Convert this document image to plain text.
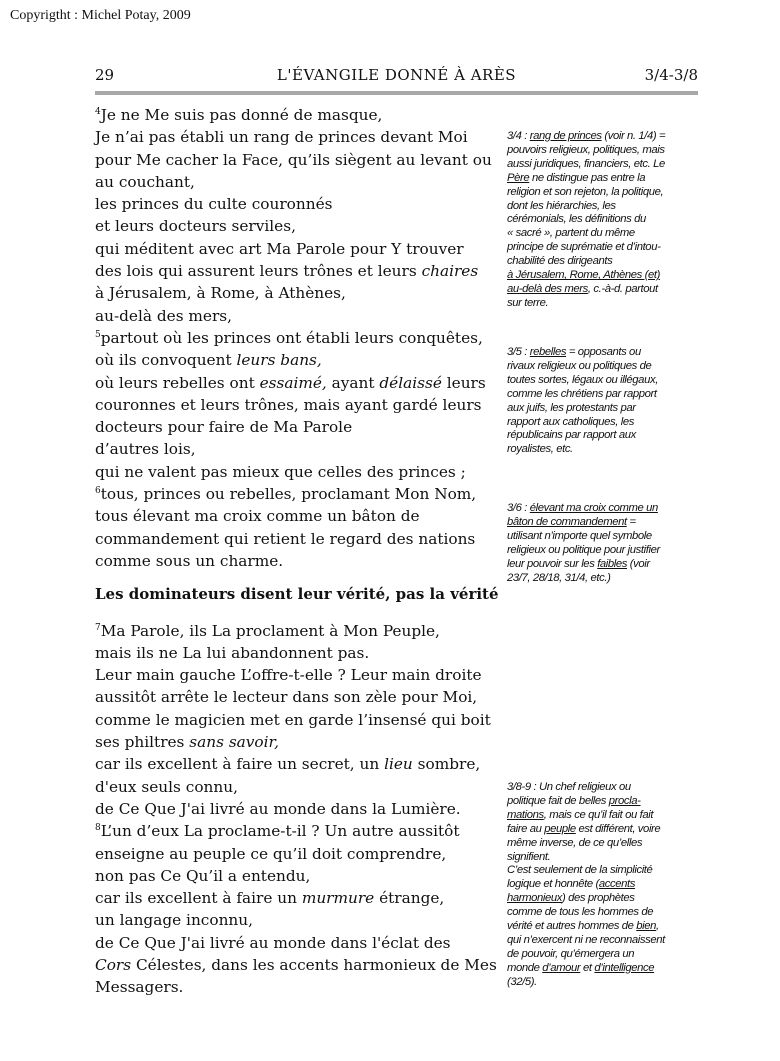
Copyrigtht : Michel Potay, 2009
29	L'ÉVANGILE DONNÉ À ARÈS	3/4-3/8
$^4$Je ne Me suis pas donné de masque,
Je n’ai pas établi un rang de princes devant Moi
pour Me cacher la Face, qu’ils siègent au levant ou
au couchant,
les princes du culte couronnés
et leurs docteurs serviles,
qui méditent avec art Ma Parole pour Y trouver
des lois qui assurent leurs trônes et leurs chaires
à Jérusalem, à Rome, à Athènes,
au-delà des mers,
$^5$partout où les princes ont établi leurs conquêtes,
où ils convoquent leurs bans,
où leurs rebelles ont essaimé, ayant délaissé leurs
couronnes et leurs trônes, mais ayant gardé leurs
docteurs pour faire de Ma Parole
d’autres lois,
qui ne valent pas mieux que celles des princes ;
$^6$tous, princes ou rebelles, proclamant Mon Nom,
tous élevant ma croix comme un bâton de
commandement qui retient le regard des nations
comme sous un charme.
Les dominateurs disent leur vérité, pas la vérité
$^7$Ma Parole, ils La proclament à Mon Peuple,
mais ils ne La lui abandonnent pas.
Leur main gauche L’offre-t-elle ? Leur main droite
aussitôt arrête le lecteur dans son zèle pour Moi,
comme le magicien met en garde l’insensé qui boit
ses philtres sans savoir,
car ils excellent à faire un secret, un lieu sombre,
d'eux seuls connu,
de Ce Que J'ai livré au monde dans la Lumière.
$^8$L’un d’eux La proclame-t-il ? Un autre aussitôt
enseigne au peuple ce qu’il doit comprendre,
non pas Ce Qu’il a entendu,
car ils excellent à faire un murmure étrange,
un langage inconnu,
de Ce Que J'ai livré au monde dans l'éclat des
Cors Célestes, dans les accents harmonieux de Mes
Messagers.
3/4 : rang de princes (voir n. 1/4) =
pouvoirs religieux, politiques, mais
aussi juridiques, financiers, etc. Le
Père ne distingue pas entre la
religion et son rejeton, la politique,
dont les hiérarchies, les
cérémonials, les définitions du
« sacré », partent du même
principe de suprématie et d’intou-
chabilité des dirigeants
à Jérusalem, Rome, Athènes (et)
au-delà des mers, c.-à-d. partout
sur terre.
3/5 : rebelles = opposants ou
rivaux religieux ou politiques de
toutes sortes, légaux ou illégaux,
comme les chrétiens par rapport
aux juifs, les protestants par
rapport aux catholiques, les
républicains par rapport aux
royalistes, etc.
3/6 : élevant ma croix comme un
bâton de commandement =
utilisant n’importe quel symbole
religieux ou politique pour justifier
leur pouvoir sur les faibles (voir
23/7, 28/18, 31/4, etc.)
3/8-9 : Un chef religieux ou
politique fait de belles procla-
mations, mais ce qu’il fait ou fait
faire au peuple est différent, voire
même inverse, de ce qu’elles
signifient.
C’est seulement de la simplicité
logique et honnête (accents
harmonieux) des prophètes
comme de tous les hommes de
vérité et autres hommes de bien,
qui n’exercent ni ne reconnaissent
de pouvoir, qu’émergera un
monde d’amour et d’intelligence
(32/5).
